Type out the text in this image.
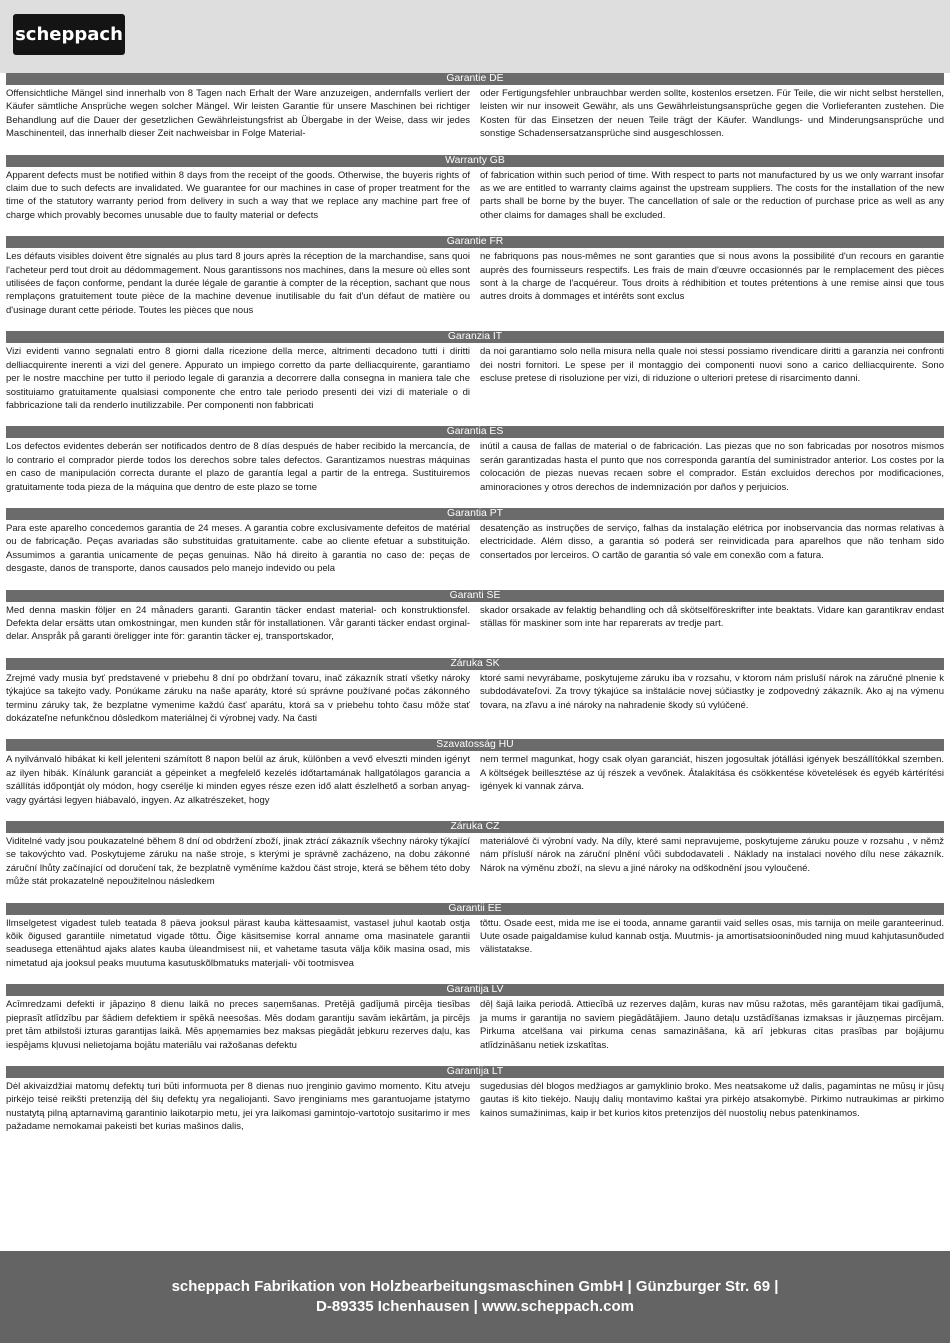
scheppach
Garantie DE

Offensichtliche Mängel sind innerhalb von 8 Tagen nach Erhalt der Ware anzuzeigen, andernfalls verliert der Käufer sämtliche Ansprüche wegen solcher Mängel. Wir leisten Garantie für unsere Maschinen bei richtiger Behandlung auf die Dauer der gesetzlichen Gewährleistungsfrist ab Übergabe in der Weise, dass wir jedes Maschinenteil, das innerhalb dieser Zeit nachweisbar in Folge Material-

oder Fertigungsfehler unbrauchbar werden sollte, kostenlos ersetzen. Für Teile, die wir nicht selbst herstellen, leisten wir nur insoweit Gewähr, als uns Gewährleistungsansprüche gegen die Vorlieferanten zustehen. Die Kosten für das Einsetzen der neuen Teile trägt der Käufer. Wandlungs- und Minderungsansprüche und sonstige Schadensersatzansprüche sind ausgeschlossen.

Warranty GB

Apparent defects must be notified within 8 days from the receipt of the goods. Otherwise, the buyeris rights of claim due to such defects are invalidated. We guarantee for our machines in case of proper treatment for the time of the statutory warranty period from delivery in such a way that we replace any machine part free of charge which provably becomes unusable due to faulty material or defects

of fabrication within such period of time. With respect to parts not manufactured by us we only warrant insofar as we are entitled to warranty claims against the upstream suppliers. The costs for the installation of the new parts shall be borne by the buyer. The cancellation of sale or the reduction of purchase price as well as any other claims for damages shall be excluded.

Garantie FR

Les défauts visibles doivent être signalés au plus tard 8 jours après la réception de la marchandise, sans quoi l'acheteur perd tout droit au dédommagement. Nous garantissons nos machines, dans la mesure où elles sont utilisées de façon conforme, pendant la durée légale de garantie à compter de la réception, sachant que nous remplaçons gratuitement toute pièce de la machine devenue inutilisable du fait d'un défaut de matière ou d'usinage durant cette période. Toutes les pièces que nous

ne fabriquons pas nous-mêmes ne sont garanties que si nous avons la possibilité d'un recours en garantie auprès des fournisseurs respectifs. Les frais de main d'œuvre occasionnés par le remplacement des pièces sont à la charge de l'acquéreur. Tous droits à rédhibition et toutes prétentions à une remise ainsi que tous autres droits à dommages et intérêts sont exclus

Garanzia IT

Vizi evidenti vanno segnalati entro 8 giorni dalla ricezione della merce, altrimenti decadono tutti i diritti delliacquirente inerenti a vizi del genere. Appurato un impiego corretto da parte delliacquirente, garantiamo per le nostre macchine per tutto il periodo legale di garanzia a decorrere dalla consegna in maniera tale che sostituiamo gratuitamente qualsiasi componente che entro tale periodo presenti dei vizi di materiale o di fabbricazione tali da renderlo inutilizzabile. Per componenti non fabbricati

da noi garantiamo solo nella misura nella quale noi stessi possiamo rivendicare diritti a garanzia nei confronti dei nostri fornitori. Le spese per il montaggio dei componenti nuovi sono a carico delliacquirente. Sono escluse pretese di risoluzione per vizi, di riduzione o ulteriori pretese di risarcimento danni.

Garantia ES

Los defectos evidentes deberán ser notificados dentro de 8 días después de haber recibido la mercancía, de lo contrario el comprador pierde todos los derechos sobre tales defectos. Garantizamos nuestras máquinas en caso de manipulación correcta durante el plazo de garantía legal a partir de la entrega. Sustituiremos gratuitamente toda pieza de la máquina que dentro de este plazo se torne

inútil a causa de fallas de material o de fabricación. Las piezas que no son fabricadas por nosotros mismos serán garantizadas hasta el punto que nos corresponda garantía del suministrador anterior. Los costes por la colocación de piezas nuevas recaen sobre el comprador. Están excluidos derechos por modificaciones, aminoraciones y otros derechos de indemnización por daños y perjuicios.

Garantia PT

Para este aparelho concedemos garantia de 24 meses. A garantia cobre exclusivamente defeitos de matérial ou de fabricação. Peças avariadas são substituidas gratuitamente. cabe ao cliente efetuar a substituição. Assumimos a garantia unicamente de peças genuinas. Não há direito à garantia no caso de: peças de desgaste, danos de transporte, danos causados pelo manejo indevido ou pela

desatenção as instruções de serviço, falhas da instalação elétrica por inobservancia das normas relativas à electricidade. Além disso, a garantia só poderá ser reinvidicada para aparelhos que não tenham sido consertados por lerceiros. O cartão de garantia só vale em conexão com a fatura.

Garanti SE

Med denna maskin följer en 24 månaders garanti. Garantin täcker endast material- och konstruktionsfel. Defekta delar ersätts utan omkostningar, men kunden står för installationen. Vår garanti täcker endast orginal-delar. Anspråk på garanti öreligger inte för: garantin täcker ej, transportskador,

skador orsakade av felaktig behandling och då skötselföreskrifter inte beaktats. Vidare kan garantikrav endast ställas för maskiner som inte har reparerats av tredje part.

Záruka SK

Zrejmé vady musia byť predstavené v priebehu 8 dní po obdržaní tovaru, inač zákazník stratí všetky nároky týkajúce sa takejto vady. Ponúkame záruku na naše aparáty, ktoré sú správne používané počas zákonného terminu záruky tak, že bezplatne vymenime každú časť aparátu, ktorá sa v priebehu tohto času môže stať dokázateľne nefunkčnou dôsledkom materiálnej či výrobnej vady. Na časti

ktoré sami nevyrábame, poskytujeme záruku iba v rozsahu, v ktorom nám prisluší nárok na záručné plnenie k subdodávateľovi. Za trovy týkajúce sa inštalácie novej súčiastky je zodpovedný zákazník. Ako aj na výmenu tovara, na zľavu a iné nároky na nahradenie škody sú vylúčené.

Szavatosság HU

A nyilvánvaló hibákat ki kell jelenteni számított 8 napon belül az áruk, különben a vevő elveszti minden igényt az ilyen hibák. Kínálunk garanciát a gépeinket a megfelelő kezelés időtartamának hallgatólagos garancia a szállítás időpontját oly módon, hogy cserélje ki minden egyes része ezen idő alatt észlelhető a sorban anyag-vagy gyártási legyen hiábavaló, ingyen. Az alkatrészeket, hogy

nem termel magunkat, hogy csak olyan garanciát, hiszen jogosultak jótállási igények beszállítókkal szemben. A költségek beillesztése az új részek a vevőnek. Átalakítása és csökkentése követelések és egyéb kártérítési igények ki vannak zárva.

Záruka CZ

Viditelné vady jsou poukazatelné během 8 dní od obdržení zboží, jinak ztrácí zákazník všechny nároky týkající se takovýchto vad. Poskytujeme záruku na naše stroje, s kterými je správně zacházeno, na dobu zákonné záruční lhůty začínající od doručení tak, že bezplatně vyměníme každou část stroje, která se během této doby může stát prokazatelně nepoužitelnou následkem

materiálové či výrobní vady. Na díly, které sami nepravujeme, poskytujeme záruku pouze v rozsahu , v němž nám přísluší nárok na záruční plnění vůči subdodavateli . Náklady na instalaci nového dílu nese zákazník. Nárok na výměnu zboží, na slevu a jiné nároky na odškodnění jsou vyloučené.

Garantii EE

Ilmselgetest vigadest tuleb teatada 8 päeva jooksul pärast kauba kättesaamist, vastasel juhul kaotab ostja kõik õigused garantiile nimetatud vigade tõttu. Õige käsitsemise korral anname oma masinatele garantii seadusega ettenähtud ajaks alates kauba üleandmisest nii, et vahetame tasuta välja kõik masina osad, mis nimetatud aja jooksul peaks muutuma kasutuskõlbmatuks materjali- või tootmisvea

tõttu. Osade eest, mida me ise ei tooda, anname garantii vaid selles osas, mis tarnija on meile garanteerinud. Uute osade paigaldamise kulud kannab ostja. Muutmis- ja amortisatsiooninõuded ning muud kahjutasunõuded välistatakse.

Garantija LV

Acīmredzami defekti ir jāpaziņo 8 dienu laikā no preces saņemšanas. Pretējā gadījumā pircēja tiesības pieprasīt atlīdzību par šādiem defektiem ir spēkā neesošas. Mēs dodam garantiju savām iekārtām, ja pircējs pret tām atbilstoši izturas garantijas laikā. Mēs apņemamies bez maksas piegādāt jebkuru rezerves daļu, kas iespējams kļuvusi nelietojama bojātu materiālu vai ražošanas defektu

dēļ šajā laika periodā. Attiecībā uz rezerves daļām, kuras nav mūsu ražotas, mēs garantējam tikai gadījumā, ja mums ir garantija no saviem piegādātājiem. Jauno detaļu uzstādīšanas izmaksas ir jāuzņemas pircējam. Pirkuma atcelšana vai pirkuma cenas samazināšana, kā arī jebkuras citas prasības par bojājumu atlīdzināšanu netiek izskatītas.

Garantija LT

Dėl akivaizdžiai matomų defektų turi būti informuota per 8 dienas nuo įrenginio gavimo momento. Kitu atveju pirkėjo teisė reikšti pretenziją dėl šių defektų yra negaliojanti. Savo įrenginiams mes garantuojame įstatymo nustatytą pilną aptarnavimą garantinio laikotarpio metu, jei yra laikomasi gamintojo-vartotojo susitarimo ir mes pažadame nemokamai pakeisti bet kurias mašinos dalis,

sugedusias dėl blogos medžiagos ar gamyklinio broko. Mes neatsakome už dalis, pagamintas ne mūsų ir jūsų gautas iš kito tiekėjo. Naujų dalių montavimo kaštai yra pirkėjo atsakomybė. Pirkimo nutraukimas ar pirkimo kainos sumažinimas, kaip ir bet kurios kitos pretenzijos dėl nuostolių nebus patenkinamos.

scheppach Fabrikation von Holzbearbeitungsmaschinen GmbH | Günzburger Str. 69 |
D-89335 Ichenhausen | www.scheppach.com
